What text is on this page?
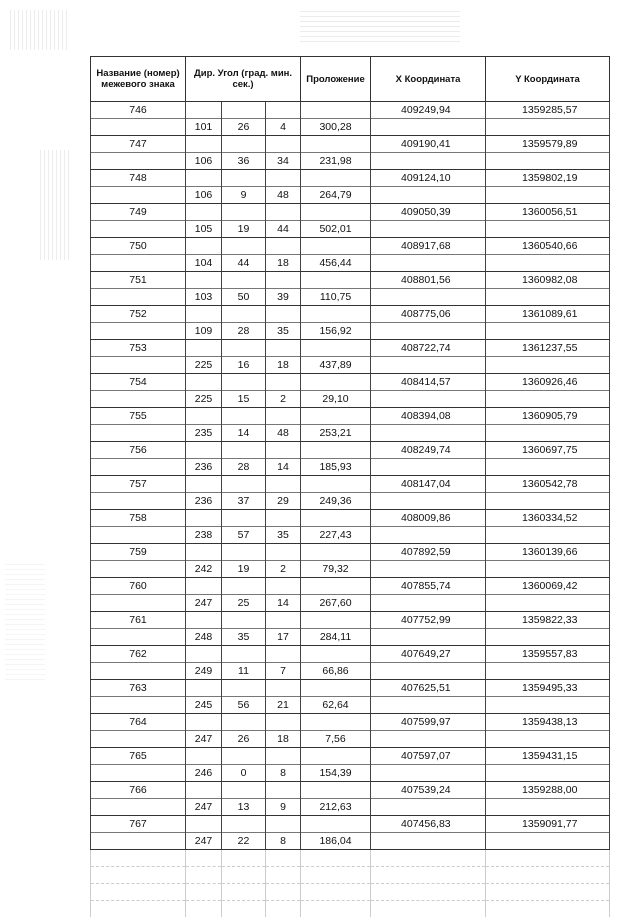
Название (номер) межевого знака	Дир. Угол (град. мин. сек.)			Проложение	X Координата	Y Координата
746					409249,94	1359285,57
	101	26	4	300,28		
747					409190,41	1359579,89
	106	36	34	231,98		
748					409124,10	1359802,19
	106	9	48	264,79		
749					409050,39	1360056,51
	105	19	44	502,01		
750					408917,68	1360540,66
	104	44	18	456,44		
751					408801,56	1360982,08
	103	50	39	110,75		
752					408775,06	1361089,61
	109	28	35	156,92		
753					408722,74	1361237,55
	225	16	18	437,89		
754					408414,57	1360926,46
	225	15	2	29,10		
755					408394,08	1360905,79
	235	14	48	253,21		
756					408249,74	1360697,75
	236	28	14	185,93		
757					408147,04	1360542,78
	236	37	29	249,36		
758					408009,86	1360334,52
	238	57	35	227,43		
759					407892,59	1360139,66
	242	19	2	79,32		
760					407855,74	1360069,42
	247	25	14	267,60		
761					407752,99	1359822,33
	248	35	17	284,11		
762					407649,27	1359557,83
	249	11	7	66,86		
763					407625,51	1359495,33
	245	56	21	62,64		
764					407599,97	1359438,13
	247	26	18	7,56		
765					407597,07	1359431,15
	246	0	8	154,39		
766					407539,24	1359288,00
	247	13	9	212,63		
767					407456,83	1359091,77
	247	22	8	186,04		
